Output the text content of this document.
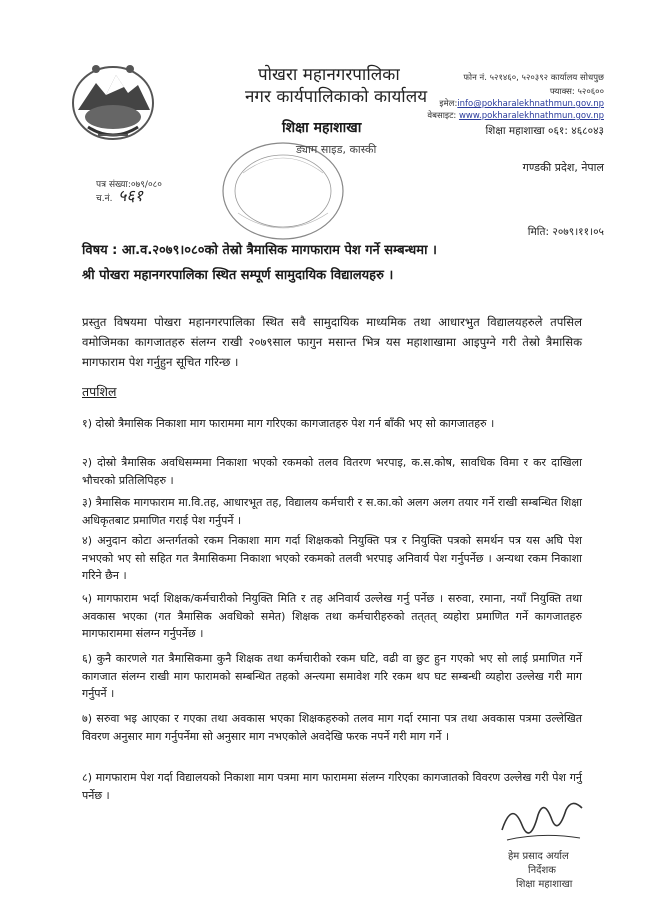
पोखरा महानगरपालिका
नगर कार्यपालिकाको कार्यालय
शिक्षा महाशाखा
ड्याम साइड, कास्की
फोन नं. ५२१४६०, ५२०३९२ कार्यालय सोधपुछ
फ्याक्स: ५२०६००
इमेल:info@pokharalekhnathmun.gov.np
वेबसाइट: www.pokharalekhnathmun.gov.np
शिक्षा महाशाखा ०६१: ४६८०४३
गण्डकी प्रदेश, नेपाल
पत्र संख्या:०७९/०८०
च.नं. ५६१
मिति: २०७९।११।०५
विषय : आ.व.२०७९।०८०को तेस्रो त्रैमासिक मागफाराम पेश गर्ने सम्बन्धमा ।
श्री पोखरा महानगरपालिका स्थित सम्पूर्ण सामुदायिक विद्यालयहरु ।
प्रस्तुत विषयमा पोखरा महानगरपालिका स्थित सवै सामुदायिक माध्यमिक तथा आधारभुत विद्यालयहरुले तपसिल वमोजिमका कागजातहरु संलग्न राखी २०७९साल फागुन मसान्त भित्र यस महाशाखामा आइपुग्ने गरी तेस्रो त्रैमासिक मागफाराम पेश गर्नुहुन सूचित गरिन्छ ।
तपशिल
१) दोस्रो त्रैमासिक निकाशा माग फाराममा माग गरिएका कागजातहरु पेश गर्न बाँकी भए सो कागजातहरु ।
२) दोस्रो त्रैमासिक अवधिसम्ममा निकाशा भएको रकमको तलव वितरण भरपाइ, क.स.कोष, सावधिक विमा र कर दाखिला भौचरको प्रतिलिपिहरु ।
३) त्रैमासिक मागफाराम मा.वि.तह, आधारभूत तह, विद्यालय कर्मचारी र स.का.को अलग अलग तयार गर्ने राखी सम्बन्धित शिक्षा अधिकृतबाट प्रमाणित गराई पेश गर्नुपर्ने ।
४) अनुदान कोटा अन्तर्गतको रकम निकाशा माग गर्दा शिक्षकको नियुक्ति पत्र र नियुक्ति पत्रको समर्थन पत्र यस अघि पेश नभएको भए सो सहित गत त्रैमासिकमा निकाशा भएको रकमको तलवी भरपाइ अनिवार्य पेश गर्नुपर्नेछ । अन्यथा रकम निकाशा गरिने छैन ।
५) मागफाराम भर्दा शिक्षक/कर्मचारीको नियुक्ति मिति र तह अनिवार्य उल्लेख गर्नु पर्नेछ । सरुवा, रमाना, नयाँ नियुक्ति तथा अवकास भएका (गत त्रैमासिक अवधिको समेत) शिक्षक तथा कर्मचारीहरुको तत्‌तत् व्यहोरा प्रमाणित गर्ने कागजातहरु मागफाराममा संलग्न गर्नुपर्नेछ ।
६) कुनै कारणले गत त्रैमासिकमा कुनै शिक्षक तथा कर्मचारीको रकम घटि, वढी वा छुट हुन गएको भए सो लाई प्रमाणित गर्ने कागजात संलग्न राखी माग फारामको सम्बन्धित तहको अन्त्यमा समावेश गरि रकम थप घट सम्बन्धी व्यहोरा उल्लेख गरी माग गर्नुपर्ने ।
७) सरुवा भइ आएका र गएका तथा अवकास भएका शिक्षकहरुको तलव माग गर्दा रमाना पत्र तथा अवकास पत्रमा उल्लेखित विवरण अनुसार माग गर्नुपर्नेमा सो अनुसार माग नभएकोले अवदेखि फरक नपर्ने गरी माग गर्ने ।
८) मागफाराम पेश गर्दा विद्यालयको निकाशा माग पत्रमा माग फाराममा संलग्न गरिएका कागजातको विवरण उल्लेख गरी पेश गर्नु पर्नेछ ।
हेम प्रसाद अर्याल
निर्देशक
शिक्षा महाशाखा
